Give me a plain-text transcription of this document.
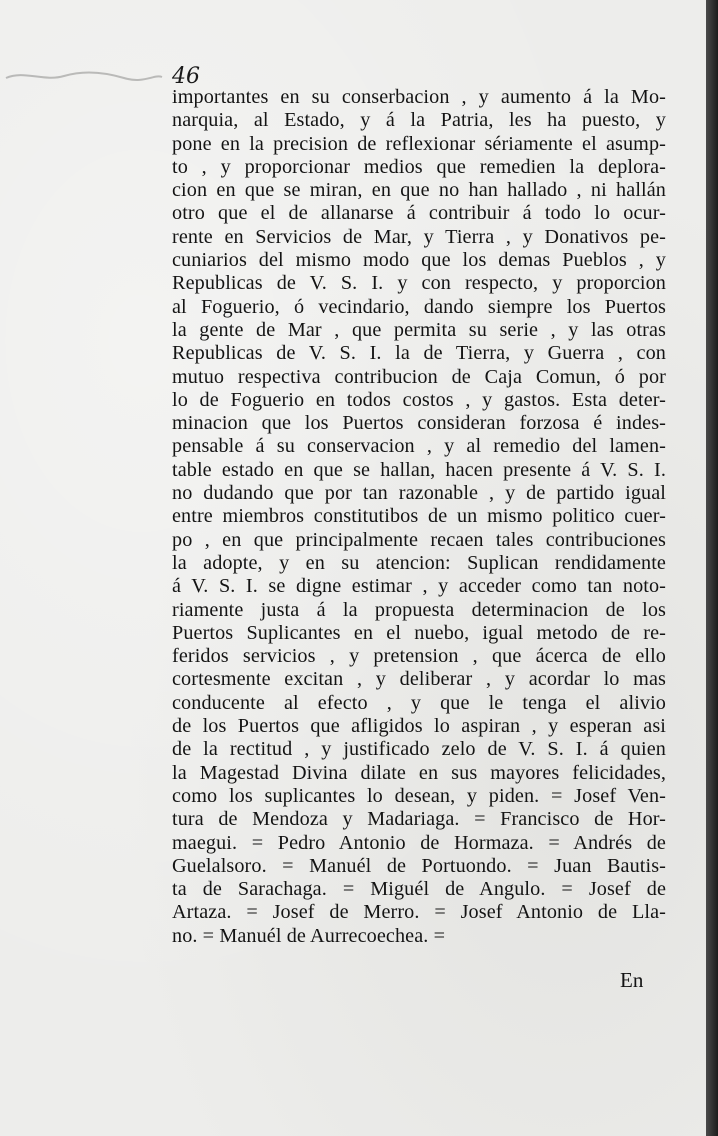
46
importantes en su conserbacion , y aumento á la Mo-
narquia, al Estado, y á la Patria, les ha puesto, y
pone en la precision de reflexionar sériamente el asump-
to , y proporcionar medios que remedien la deplora-
cion en que se miran, en que no han hallado , ni hallán
otro que el de allanarse á contribuir á todo lo ocur-
rente en Servicios de Mar, y Tierra , y Donativos pe-
cuniarios del mismo modo que los demas Pueblos , y
Republicas de V. S. I. y con respecto, y proporcion
al Foguerio, ó vecindario, dando siempre los Puertos
la gente de Mar , que permita su serie , y las otras
Republicas de V. S. I. la de Tierra, y Guerra , con
mutuo respectiva contribucion de Caja Comun, ó por
lo de Foguerio en todos costos , y gastos. Esta deter-
minacion que los Puertos consideran forzosa é indes-
pensable á su conservacion , y al remedio del lamen-
table estado en que se hallan, hacen presente á V. S. I.
no dudando que por tan razonable , y de partido igual
entre miembros constitutibos de un mismo politico cuer-
po , en que principalmente recaen tales contribuciones
la adopte, y en su atencion: Suplican rendidamente
á V. S. I. se digne estimar , y acceder como tan noto-
riamente justa á la propuesta determinacion de los
Puertos Suplicantes en el nuebo, igual metodo de re-
feridos servicios , y pretension , que ácerca de ello
cortesmente excitan , y deliberar , y acordar lo mas
conducente al efecto , y que le tenga el alivio
de los Puertos que afligidos lo aspiran , y esperan asi
de la rectitud , y justificado zelo de V. S. I. á quien
la Magestad Divina dilate en sus mayores felicidades,
como los suplicantes lo desean, y piden. = Josef Ven-
tura de Mendoza y Madariaga. = Francisco de Hor-
maegui. = Pedro Antonio de Hormaza. = Andrés de
Guelalsoro. = Manuél de Portuondo. = Juan Bautis-
ta de Sarachaga. = Miguél de Angulo. = Josef de
Artaza. = Josef de Merro. = Josef Antonio de Lla-
no. = Manuél de Aurrecoechea. =
En
